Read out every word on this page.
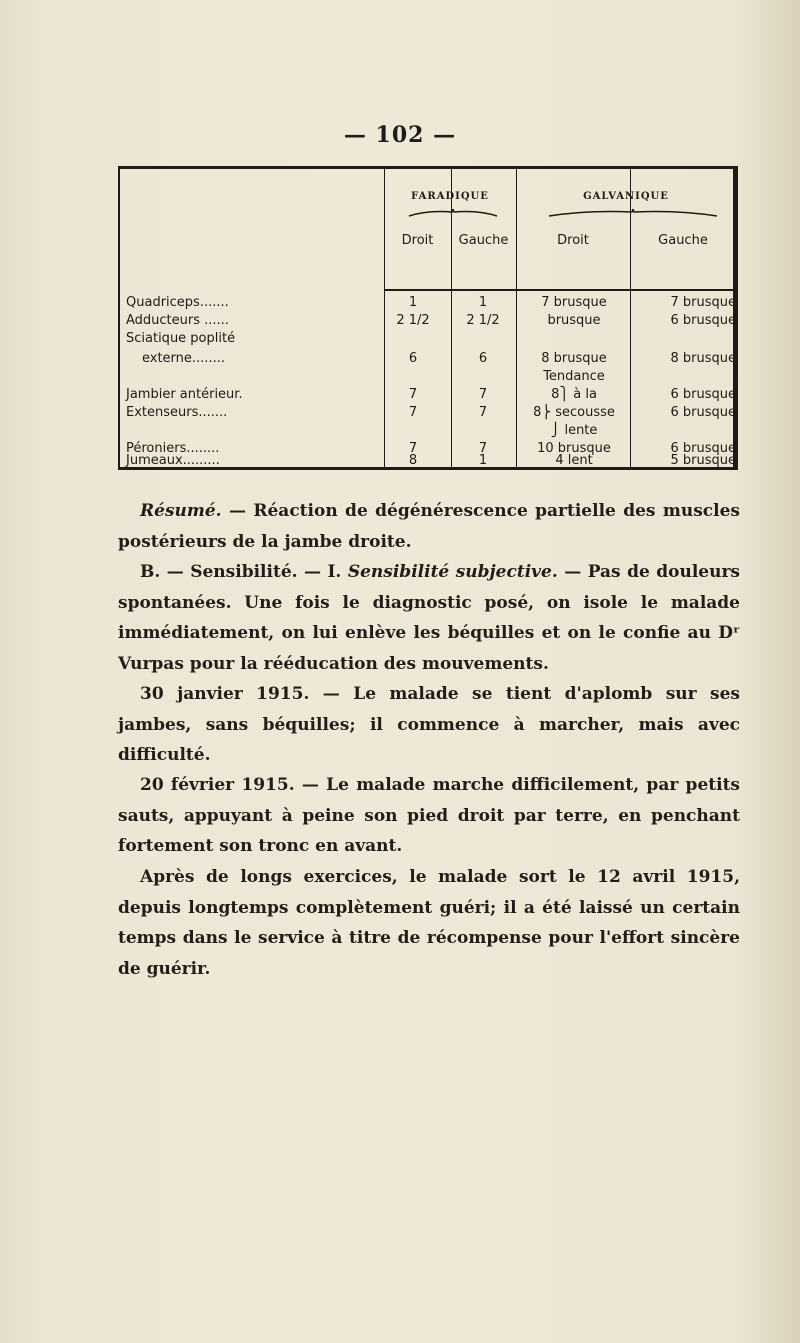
— 102 —
FARADIQUE	GALVANIQUE
Droit	Gauche	Droit	Gauche
Quadriceps.......	1	1	7 brusque	7 brusque
Adducteurs ......	2 1/2	2 1/2	brusque	6 brusque
Sciatique poplité
externe........	6	6	8 brusque	8 brusque
Tendance
Jambier antérieur.	7	7	8⎫ à la	6 brusque
Extenseurs.......	7	7	8⎬ secousse	6 brusque
⎭ lente
Péroniers........	7	7	10 brusque	6 brusque
Jumeaux.........	8	1	4 lent	5 brusque
Résumé. — Réaction de dégénérescence partielle des muscles postérieurs de la jambe droite.
B. — Sensibilité. — I. Sensibilité subjective. — Pas de douleurs spontanées. Une fois le diagnostic posé, on isole le malade immédiatement, on lui enlève les béquilles et on le confie au Dʳ Vurpas pour la rééducation des mouvements.
30 janvier 1915. — Le malade se tient d'aplomb sur ses jambes, sans béquilles; il commence à marcher, mais avec difficulté.
20 février 1915. — Le malade marche difficilement, par petits sauts, appuyant à peine son pied droit par terre, en penchant fortement son tronc en avant.
Après de longs exercices, le malade sort le 12 avril 1915, depuis longtemps complètement guéri; il a été laissé un certain temps dans le service à titre de récompense pour l'effort sincère de guérir.
